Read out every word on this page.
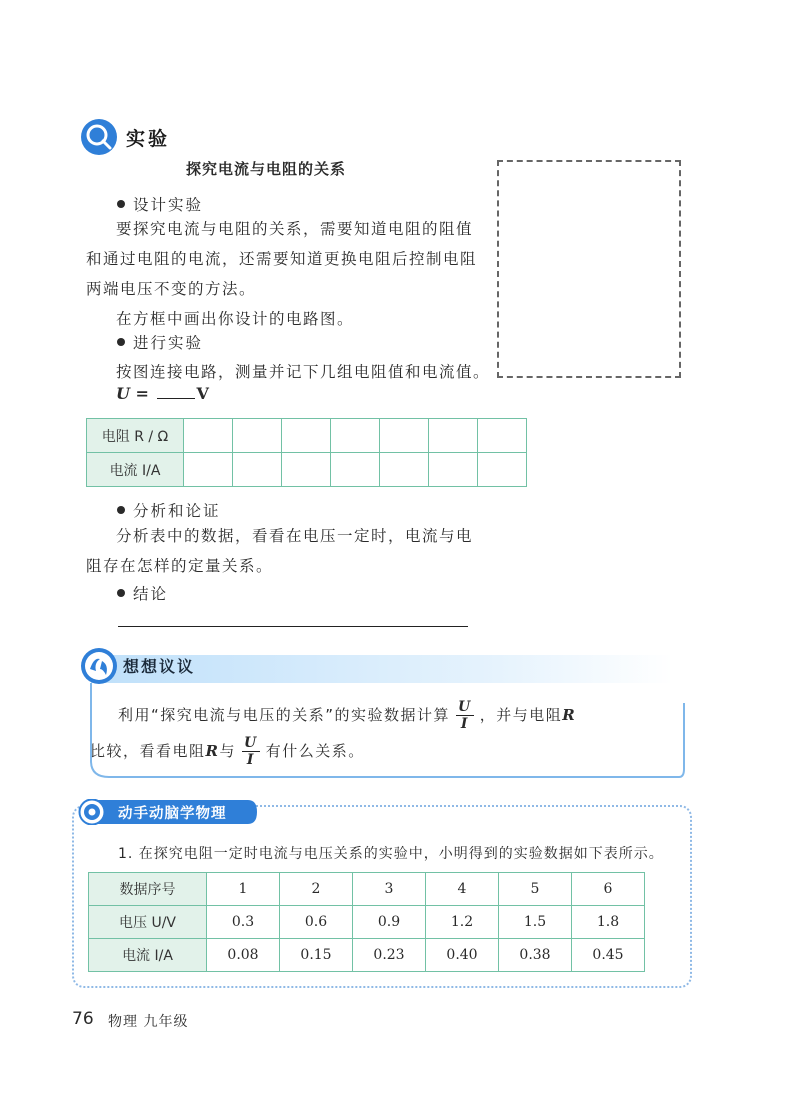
实验
探究电流与电阻的关系
设计实验
要探究电流与电阻的关系，需要知道电阻的阻值和通过电阻的电流，还需要知道更换电阻后控制电阻两端电压不变的方法。
在方框中画出你设计的电路图。
进行实验
按图连接电路，测量并记下几组电阻值和电流值。
U =	V
电阻 R / Ω							
电流 I/A							
分析和论证
分析表中的数据，看看在电压一定时，电流与电阻存在怎样的定量关系。
结论
想想议议
利用“探究电流与电压的关系”的实验数据计算 $\frac{U}{I}$ ，并与电阻R
比较，看看电阻R与 $\frac{U}{I}$ 有什么关系。
动手动脑学物理
1. 在探究电阻一定时电流与电压关系的实验中，小明得到的实验数据如下表所示。
数据序号	1	2	3	4	5	6
电压 U/V	0.3	0.6	0.9	1.2	1.5	1.8
电流 I/A	0.08	0.15	0.23	0.40	0.38	0.45
76 物理 九年级
